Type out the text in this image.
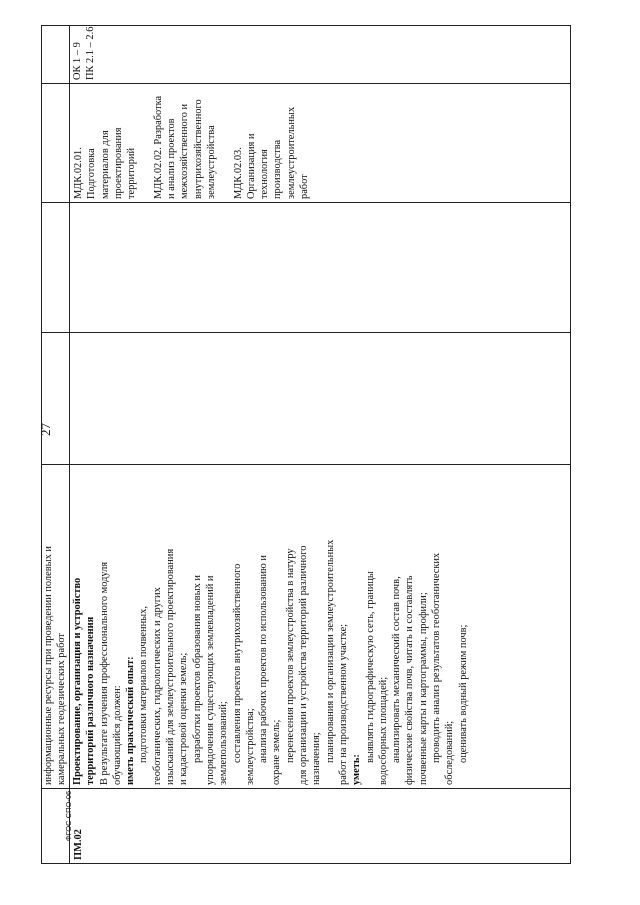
информационные ресурсы при проведении полевых и камеральных геодезических работ
ПМ.02
Проектирование, организация и устройство территорий различного назначения В результате изучения профессионального модуля обучающийся должен: иметь практический опыт: подготовки материалов почвенных, геоботанических, гидрологических и других изысканий для землеустроительного проектирования и кадастровой оценки земель; разработки проектов образования новых и упорядочения существующих землевладений и землепользований; составления проектов внутрихозяйственного землеустройства; анализа рабочих проектов по использованию и охране земель; перенесения проектов землеустройства в натуру для организации и устройства территорий различного назначения; планирования и организации землеустроительных работ на производственном участке; уметь:
выявлять гидрографическую сеть, границы водосборных площадей; анализировать механический состав почв, физические свойства почв, читать и составлять почвенные карты и картограммы, профили; проводить анализ результатов геоботанических обследований; оценивать водный режим почв;
МДК.02.01. Подготовка материалов для проектирования территорий МДК.02.02. Разработка и анализ проектов межхозяйственного и внутрихозяйственного землеустройства МДК.02.03. Организация и технология производства землеустроительных работ
ОК 1 – 9 ПК 2.1 – 2.6
27
ФГОС СПО-06
